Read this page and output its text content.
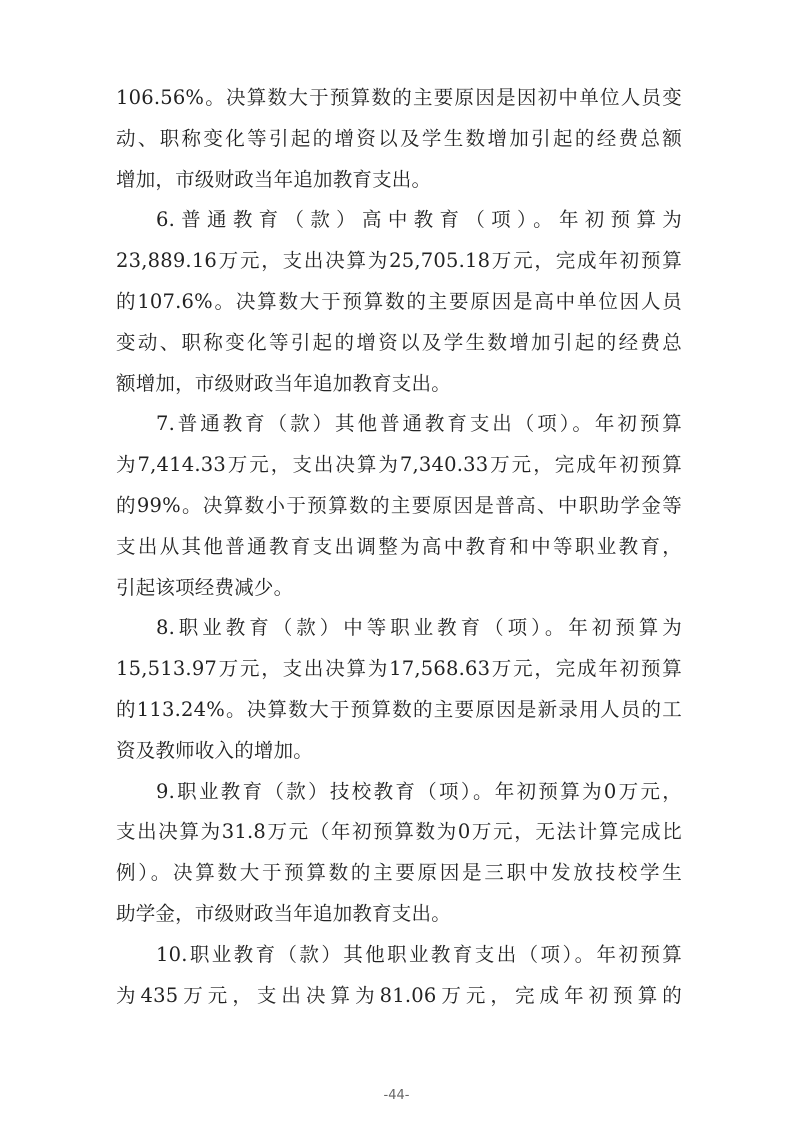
106.56%。决算数大于预算数的主要原因是因初中单位人员变
动、职称变化等引起的增资以及学生数增加引起的经费总额
增加，市级财政当年追加教育支出。
6.普通教育（款）高中教育（项）。年初预算为
23,889.16万元，支出决算为25,705.18万元，完成年初预算
的107.6%。决算数大于预算数的主要原因是高中单位因人员
变动、职称变化等引起的增资以及学生数增加引起的经费总
额增加，市级财政当年追加教育支出。
7.普通教育（款）其他普通教育支出（项）。年初预算
为7,414.33万元，支出决算为7,340.33万元，完成年初预算
的99%。决算数小于预算数的主要原因是普高、中职助学金等
支出从其他普通教育支出调整为高中教育和中等职业教育，
引起该项经费减少。
8.职业教育（款）中等职业教育（项）。年初预算为
15,513.97万元，支出决算为17,568.63万元，完成年初预算
的113.24%。决算数大于预算数的主要原因是新录用人员的工
资及教师收入的增加。
9.职业教育（款）技校教育（项）。年初预算为0万元，
支出决算为31.8万元（年初预算数为0万元，无法计算完成比
例）。决算数大于预算数的主要原因是三职中发放技校学生
助学金，市级财政当年追加教育支出。
10.职业教育（款）其他职业教育支出（项）。年初预算
为435万元，支出决算为81.06万元，完成年初预算的
-44-
